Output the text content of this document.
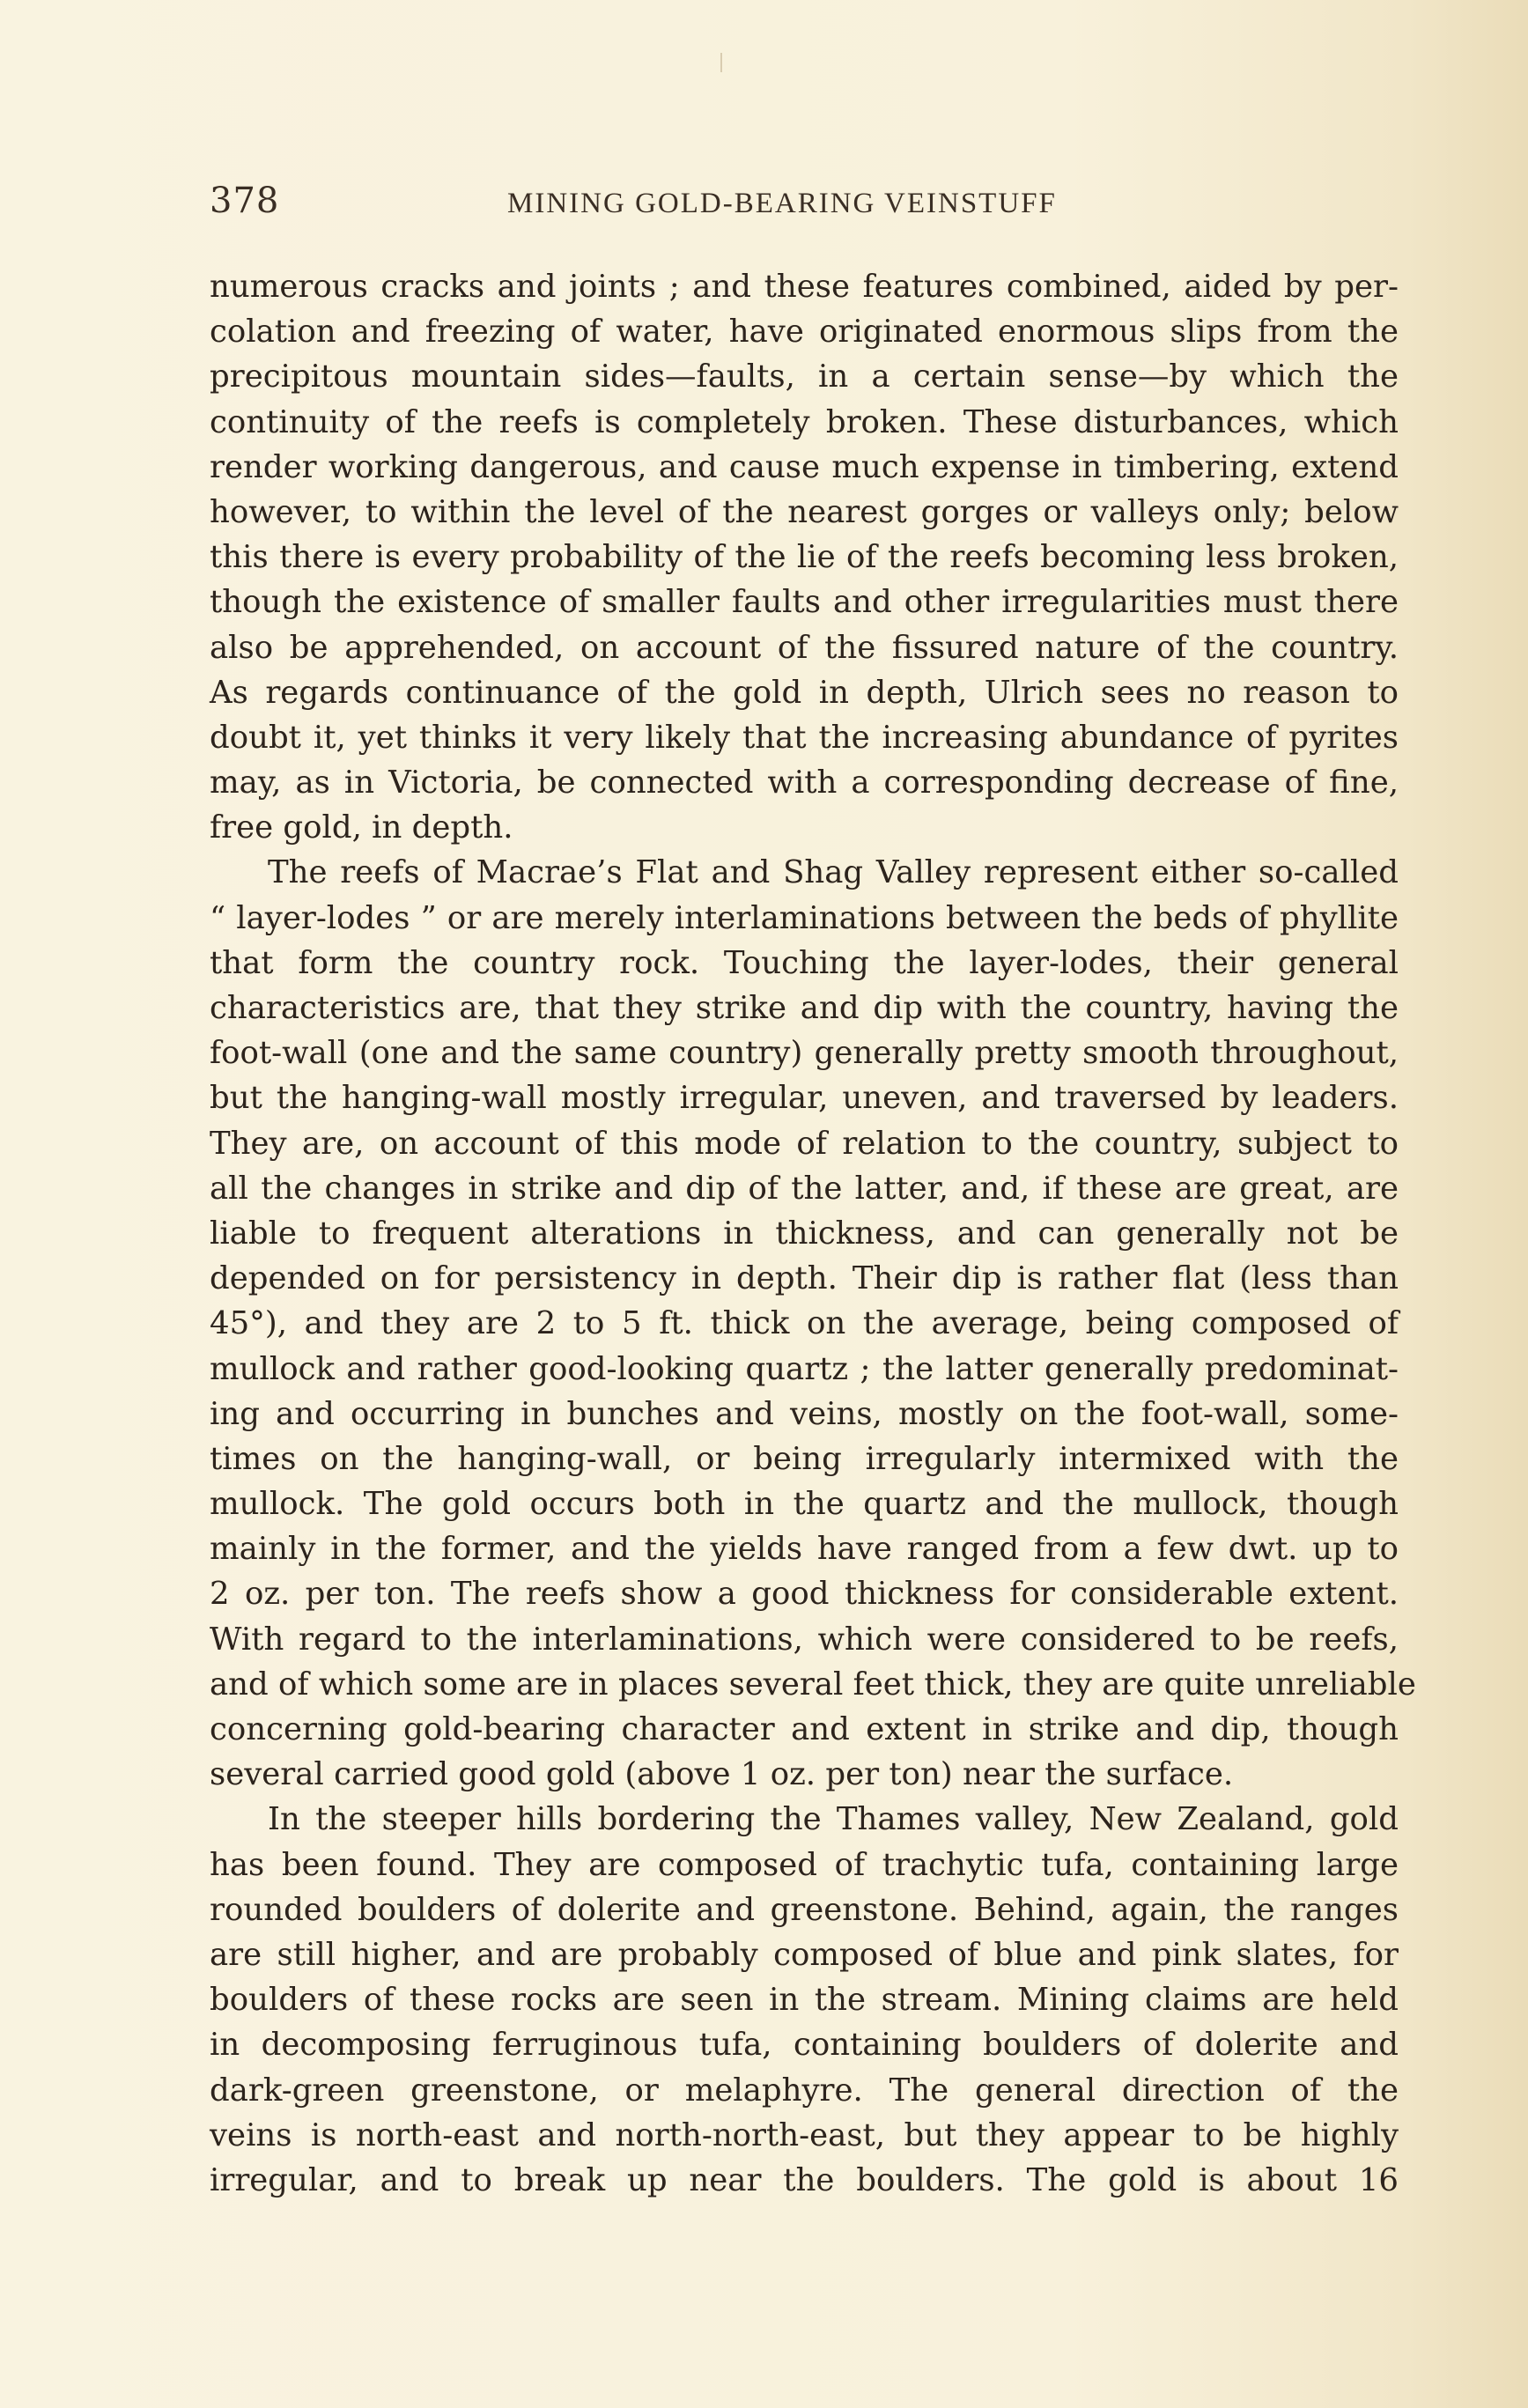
378	MINING GOLD-BEARING VEINSTUFF
numerous cracks and joints ; and these features combined, aided by per-
colation and freezing of water, have originated enormous slips from the
precipitous mountain sides—faults, in a certain sense—by which the
continuity of the reefs is completely broken. These disturbances, which
render working dangerous, and cause much expense in timbering, extend
however, to within the level of the nearest gorges or valleys only; below
this there is every probability of the lie of the reefs becoming less broken,
though the existence of smaller faults and other irregularities must there
also be apprehended, on account of the fissured nature of the country.
As regards continuance of the gold in depth, Ulrich sees no reason to
doubt it, yet thinks it very likely that the increasing abundance of pyrites
may, as in Victoria, be connected with a corresponding decrease of fine,
free gold, in depth.
The reefs of Macrae’s Flat and Shag Valley represent either so-called
“ layer-lodes ” or are merely interlaminations between the beds of phyllite
that form the country rock. Touching the layer-lodes, their general
characteristics are, that they strike and dip with the country, having the
foot-wall (one and the same country) generally pretty smooth throughout,
but the hanging-wall mostly irregular, uneven, and traversed by leaders.
They are, on account of this mode of relation to the country, subject to
all the changes in strike and dip of the latter, and, if these are great, are
liable to frequent alterations in thickness, and can generally not be
depended on for persistency in depth. Their dip is rather flat (less than
45°), and they are 2 to 5 ft. thick on the average, being composed of
mullock and rather good-looking quartz ; the latter generally predominat-
ing and occurring in bunches and veins, mostly on the foot-wall, some-
times on the hanging-wall, or being irregularly intermixed with the
mullock. The gold occurs both in the quartz and the mullock, though
mainly in the former, and the yields have ranged from a few dwt. up to
2 oz. per ton. The reefs show a good thickness for considerable extent.
With regard to the interlaminations, which were considered to be reefs,
and of which some are in places several feet thick, they are quite unreliable
concerning gold-bearing character and extent in strike and dip, though
several carried good gold (above 1 oz. per ton) near the surface.
In the steeper hills bordering the Thames valley, New Zealand, gold
has been found. They are composed of trachytic tufa, containing large
rounded boulders of dolerite and greenstone. Behind, again, the ranges
are still higher, and are probably composed of blue and pink slates, for
boulders of these rocks are seen in the stream. Mining claims are held
in decomposing ferruginous tufa, containing boulders of dolerite and
dark-green greenstone, or melaphyre. The general direction of the
veins is north-east and north-north-east, but they appear to be highly
irregular, and to break up near the boulders. The gold is about 16
